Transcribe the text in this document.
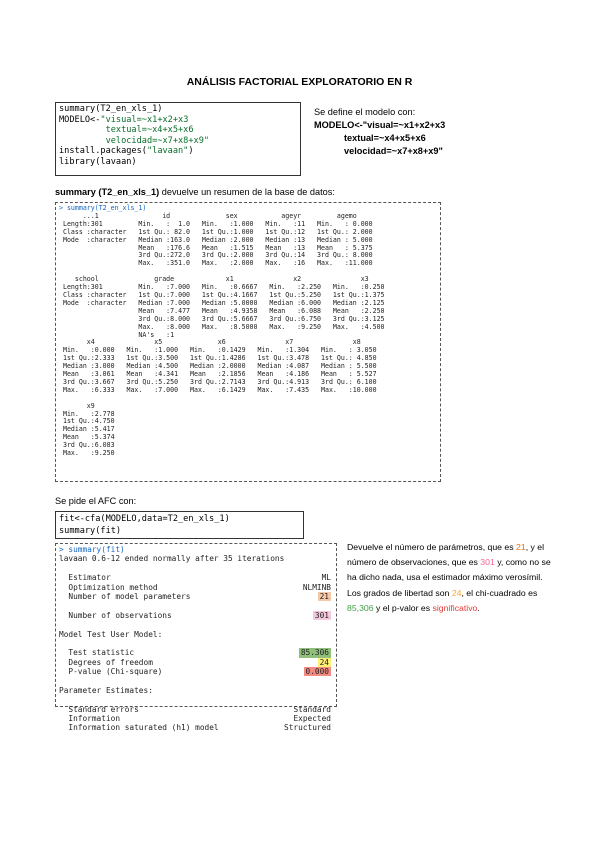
ANÁLISIS FACTORIAL EXPLORATORIO EN R
summary(T2_en_xls_1)
MODELO<-"visual=~x1+x2+x3
textual=~x4+x5+x6
velocidad=~x7+x8+x9"
install.packages("lavaan")
library(lavaan)
Se define el modelo con:
MODELO<-"visual=~x1+x2+x3
textual=~x4+x5+x6
velocidad=~x7+x8+x9"
summary (T2_en_xls_1) devuelve un resumen de la base de datos:
> summary(T2_en_xls_1)
...1                id              sex           ageyr         agemo
Length:301         Min.   :  1.0   Min.   :1.000   Min.   :11   Min.   : 0.000
Class :character   1st Qu.: 82.0   1st Qu.:1.000   1st Qu.:12   1st Qu.: 2.000
Mode  :character   Median :163.0   Median :2.000   Median :13   Median : 5.000
Mean   :176.6   Mean   :1.515   Mean   :13   Mean   : 5.375
3rd Qu.:272.0   3rd Qu.:2.000   3rd Qu.:14   3rd Qu.: 8.000
Max.   :351.0   Max.   :2.000   Max.   :16   Max.   :11.000

school              grade             x1               x2               x3
Length:301         Min.   :7.000   Min.   :0.6667   Min.   :2.250   Min.   :0.250
Class :character   1st Qu.:7.000   1st Qu.:4.1667   1st Qu.:5.250   1st Qu.:1.375
Mode  :character   Median :7.000   Median :5.0000   Median :6.000   Median :2.125
Mean   :7.477   Mean   :4.9358   Mean   :6.088   Mean   :2.250
3rd Qu.:8.000   3rd Qu.:5.6667   3rd Qu.:6.750   3rd Qu.:3.125
Max.   :8.000   Max.   :8.5000   Max.   :9.250   Max.   :4.500
NA's   :1
x4               x5              x6               x7               x8
Min.   :0.000   Min.   :1.000   Min.   :0.1429   Min.   :1.304   Min.   : 3.050
1st Qu.:2.333   1st Qu.:3.500   1st Qu.:1.4286   1st Qu.:3.478   1st Qu.: 4.850
Median :3.000   Median :4.500   Median :2.0000   Median :4.087   Median : 5.500
Mean   :3.061   Mean   :4.341   Mean   :2.1856   Mean   :4.186   Mean   : 5.527
3rd Qu.:3.667   3rd Qu.:5.250   3rd Qu.:2.7143   3rd Qu.:4.913   3rd Qu.: 6.100
Max.   :6.333   Max.   :7.000   Max.   :6.1429   Max.   :7.435   Max.   :10.000

x9
Min.   :2.778
1st Qu.:4.750
Median :5.417
Mean   :5.374
3rd Qu.:6.083
Max.   :9.250
Se pide el AFC con:
fit<-cfa(MODELO,data=T2_en_xls_1)
summary(fit)
> summary(fit)
lavaan 0.6-12 ended normally after 35 iterations
Estimator	ML
Optimization method	NLMINB
Number of model parameters	21
Number of observations	301
Model Test User Model:
Test statistic	85.306
Degrees of freedom	24
P-value (Chi-square)	0.000
Parameter Estimates:
Standard errors	Standard
Information	Expected
Information saturated (h1) model	Structured
Devuelve el número de parámetros, que es 21, y el número de observaciones, que es 301 y, como no se ha dicho nada, usa el estimador máximo verosímil.
Los grados de libertad son 24, el chi-cuadrado es 85,306 y el p-valor es significativo.
